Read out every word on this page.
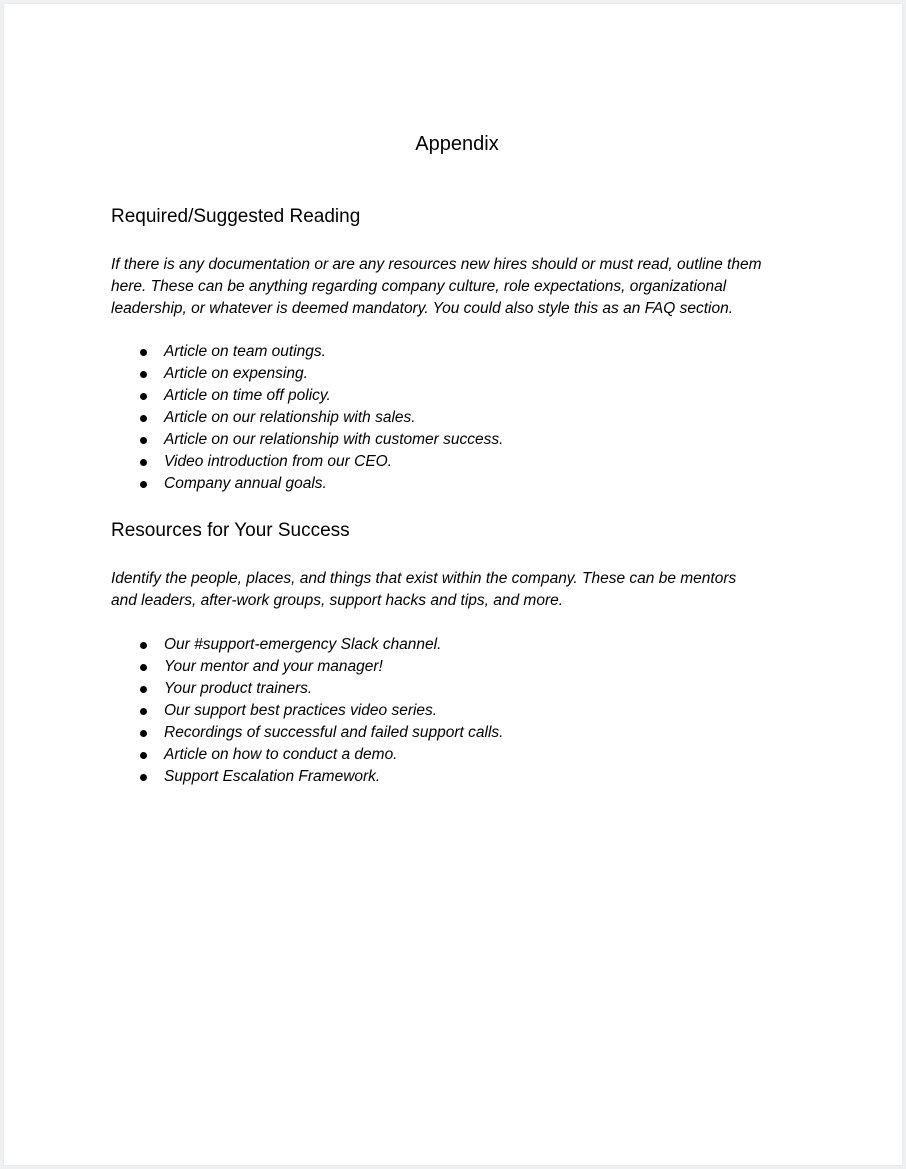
Appendix
Required/Suggested Reading

If there is any documentation or are any resources new hires should or must read, outline them
here. These can be anything regarding company culture, role expectations, organizational
leadership, or whatever is deemed mandatory. You could also style this as an FAQ section.

Article on team outings.
Article on expensing.
Article on time off policy.
Article on our relationship with sales.
Article on our relationship with customer success.
Video introduction from our CEO.
Company annual goals.
Resources for Your Success

Identify the people, places, and things that exist within the company. These can be mentors
and leaders, after-work groups, support hacks and tips, and more.

Our #support-emergency Slack channel.
Your mentor and your manager!
Your product trainers.
Our support best practices video series.
Recordings of successful and failed support calls.
Article on how to conduct a demo.
Support Escalation Framework.
